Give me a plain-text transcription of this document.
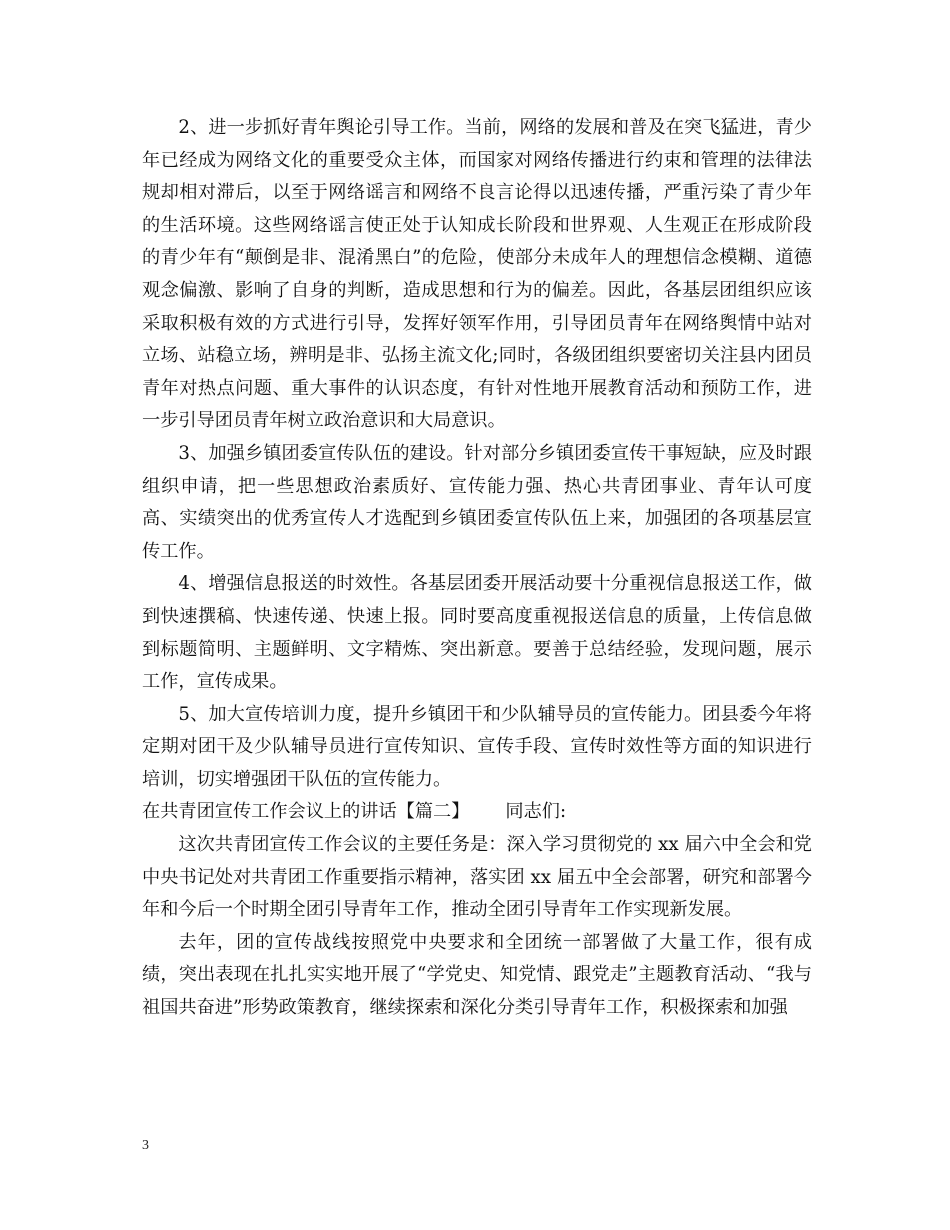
2、进一步抓好青年舆论引导工作。当前，网络的发展和普及在突飞猛进，青少年已经成为网络文化的重要受众主体，而国家对网络传播进行约束和管理的法律法规却相对滞后，以至于网络谣言和网络不良言论得以迅速传播，严重污染了青少年的生活环境。这些网络谣言使正处于认知成长阶段和世界观、人生观正在形成阶段的青少年有“颠倒是非、混淆黑白”的危险，使部分未成年人的理想信念模糊、道德观念偏激、影响了自身的判断，造成思想和行为的偏差。因此，各基层团组织应该采取积极有效的方式进行引导，发挥好领军作用，引导团员青年在网络舆情中站对立场、站稳立场，辨明是非、弘扬主流文化;同时，各级团组织要密切关注县内团员青年对热点问题、重大事件的认识态度，有针对性地开展教育活动和预防工作，进一步引导团员青年树立政治意识和大局意识。

3、加强乡镇团委宣传队伍的建设。针对部分乡镇团委宣传干事短缺，应及时跟组织申请，把一些思想政治素质好、宣传能力强、热心共青团事业、青年认可度高、实绩突出的优秀宣传人才选配到乡镇团委宣传队伍上来，加强团的各项基层宣传工作。

4、增强信息报送的时效性。各基层团委开展活动要十分重视信息报送工作，做到快速撰稿、快速传递、快速上报。同时要高度重视报送信息的质量，上传信息做到标题简明、主题鲜明、文字精炼、突出新意。要善于总结经验，发现问题，展示工作，宣传成果。

5、加大宣传培训力度，提升乡镇团干和少队辅导员的宣传能力。团县委今年将定期对团干及少队辅导员进行宣传知识、宣传手段、宣传时效性等方面的知识进行培训，切实增强团干队伍的宣传能力。

在共青团宣传工作会议上的讲话【篇二】 同志们:

这次共青团宣传工作会议的主要任务是：深入学习贯彻党的 xx 届六中全会和党中央书记处对共青团工作重要指示精神，落实团 xx 届五中全会部署，研究和部署今年和今后一个时期全团引导青年工作，推动全团引导青年工作实现新发展。

去年，团的宣传战线按照党中央要求和全团统一部署做了大量工作，很有成绩，突出表现在扎扎实实地开展了“学党史、知党情、跟党走”主题教育活动、“我与祖国共奋进”形势政策教育，继续探索和深化分类引导青年工作，积极探索和加强

3
